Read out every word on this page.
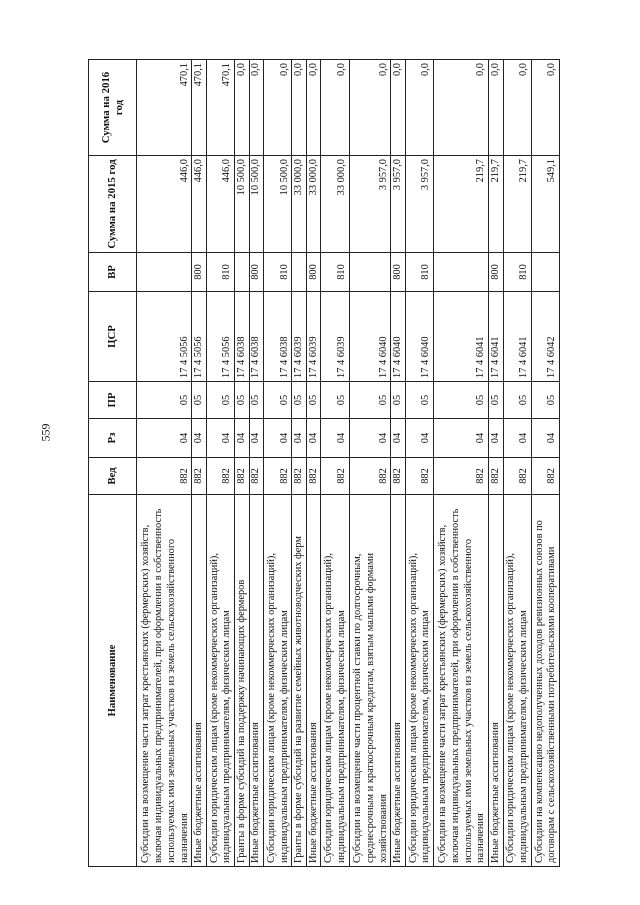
559
Наименование	Вед	Рз	ПР	ЦСР	ВР	Сумма на 2015 год	Сумма на 2016 год
Субсидии на возмещение части затрат крестьянских (фермерских) хозяйств, включая индивидуальных предпринимателей, при оформлении в собственность используемых ими земельных участков из земель сельскохозяйственного назначения	882	04	05	17 4 5056		446,0	470,1
Иные бюджетные ассигнования	882	04	05	17 4 5056	800	446,0	470,1
Субсидии юридическим лицам (кроме некоммерческих организаций), индивидуальным предпринимателям, физическим лицам	882	04	05	17 4 5056	810	446,0	470,1
Гранты в форме субсидий на поддержку начинающих фермеров	882	04	05	17 4 6038		10 500,0	0,0
Иные бюджетные ассигнования	882	04	05	17 4 6038	800	10 500,0	0,0
Субсидии юридическим лицам (кроме некоммерческих организаций), индивидуальным предпринимателям, физическим лицам	882	04	05	17 4 6038	810	10 500,0	0,0
Гранты в форме субсидий на развитие семейных животноводческих ферм	882	04	05	17 4 6039		33 000,0	0,0
Иные бюджетные ассигнования	882	04	05	17 4 6039	800	33 000,0	0,0
Субсидии юридическим лицам (кроме некоммерческих организаций), индивидуальным предпринимателям, физическим лицам	882	04	05	17 4 6039	810	33 000,0	0,0
Субсидии на возмещение части процентной ставки по долгосрочным, среднесрочным и краткосрочным кредитам, взятым малыми формами хозяйствования	882	04	05	17 4 6040		3 957,0	0,0
Иные бюджетные ассигнования	882	04	05	17 4 6040	800	3 957,0	0,0
Субсидии юридическим лицам (кроме некоммерческих организаций), индивидуальным предпринимателям, физическим лицам	882	04	05	17 4 6040	810	3 957,0	0,0
Субсидии на возмещение части затрат крестьянских (фермерских) хозяйств, включая индивидуальных предпринимателей, при оформлении в собственность используемых ими земельных участков из земель сельскохозяйственного назначения	882	04	05	17 4 6041		219,7	0,0
Иные бюджетные ассигнования	882	04	05	17 4 6041	800	219,7	0,0
Субсидии юридическим лицам (кроме некоммерческих организаций), индивидуальным предпринимателям, физическим лицам	882	04	05	17 4 6041	810	219,7	0,0
Субсидии на компенсацию недополученных доходов ревизионных союзов по договорам с сельскохозяйственными потребительскими кооперативами	882	04	05	17 4 6042		549,1	0,0
